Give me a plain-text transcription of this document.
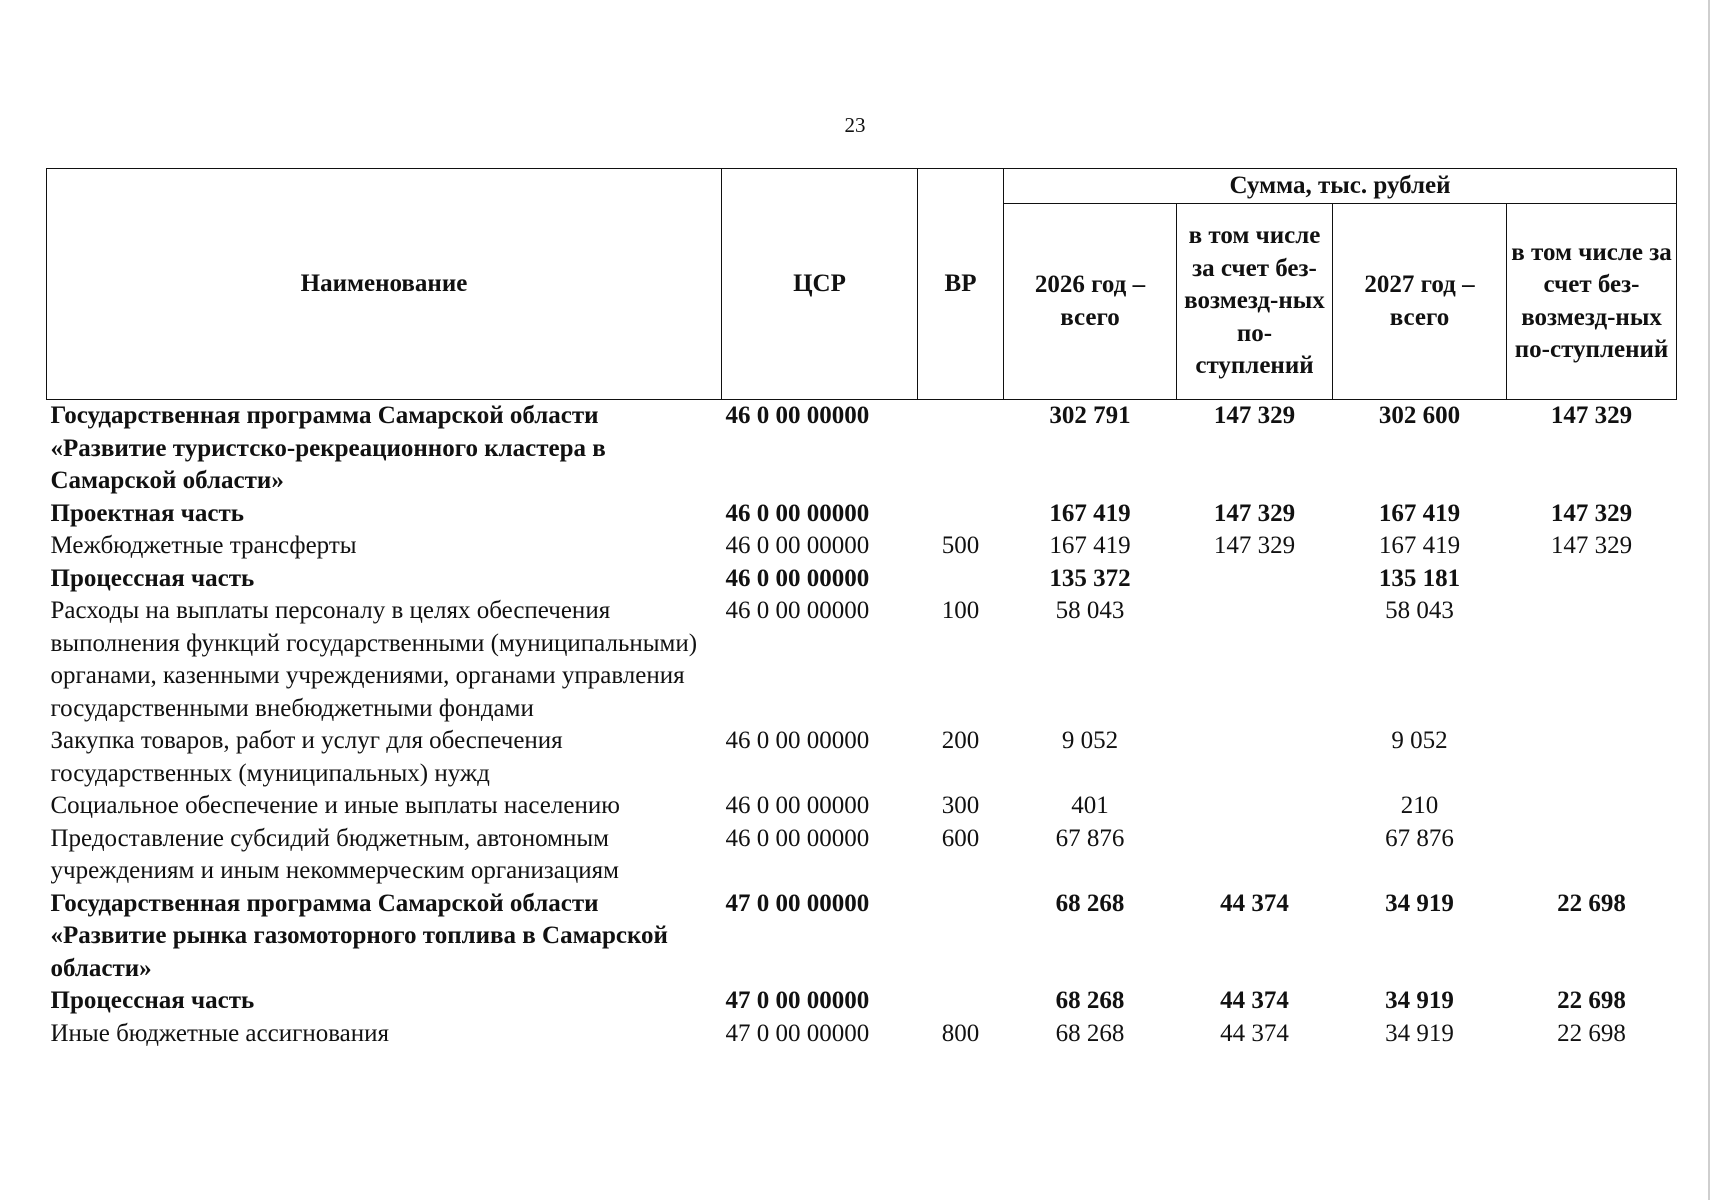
23
Наименование	ЦСР	ВР	Сумма, тыс. рублей			
			2026 год – всего	в том числе за счет без-возмезд-ных по-ступлений	2027 год – всего	в том числе за счет без-возмезд-ных по-ступлений
Государственная программа Самарской области «Развитие туристско-рекреационного кластера в Самарской области»	46 0 00 00000		302 791	147 329	302 600	147 329
Проектная часть	46 0 00 00000		167 419	147 329	167 419	147 329
Межбюджетные трансферты	46 0 00 00000	500	167 419	147 329	167 419	147 329
Процессная часть	46 0 00 00000		135 372		135 181	
Расходы на выплаты персоналу в целях обеспечения выполнения функций государственными (муниципальными) органами, казенными учреждениями, органами управления государственными внебюджетными фондами	46 0 00 00000	100	58 043		58 043	
Закупка товаров, работ и услуг для обеспечения государственных (муниципальных) нужд	46 0 00 00000	200	9 052		9 052	
Социальное обеспечение и иные выплаты населению	46 0 00 00000	300	401		210	
Предоставление субсидий бюджетным, автономным учреждениям и иным некоммерческим организациям	46 0 00 00000	600	67 876		67 876	
Государственная программа Самарской области «Развитие рынка газомоторного топлива в Самарской области»	47 0 00 00000		68 268	44 374	34 919	22 698
Процессная часть	47 0 00 00000		68 268	44 374	34 919	22 698
Иные бюджетные ассигнования	47 0 00 00000	800	68 268	44 374	34 919	22 698
